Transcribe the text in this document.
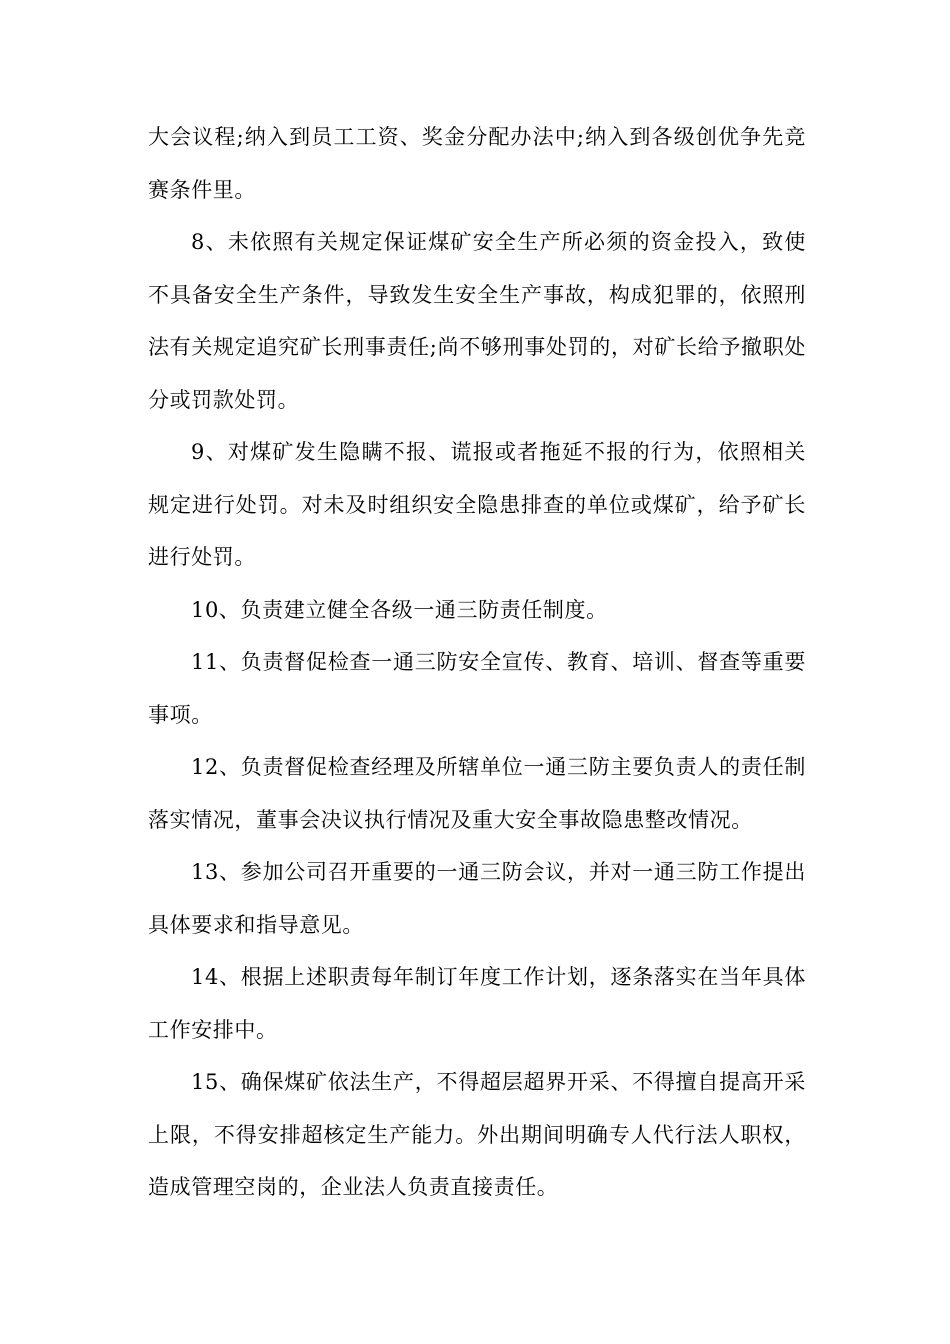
大会议程;纳入到员工工资、奖金分配办法中;纳入到各级创优争先竞赛条件里。

8、未依照有关规定保证煤矿安全生产所必须的资金投入，致使不具备安全生产条件，导致发生安全生产事故，构成犯罪的，依照刑法有关规定追究矿长刑事责任;尚不够刑事处罚的，对矿长给予撤职处分或罚款处罚。

9、对煤矿发生隐瞒不报、谎报或者拖延不报的行为，依照相关规定进行处罚。对未及时组织安全隐患排查的单位或煤矿，给予矿长进行处罚。

10、负责建立健全各级一通三防责任制度。

11、负责督促检查一通三防安全宣传、教育、培训、督查等重要事项。

12、负责督促检查经理及所辖单位一通三防主要负责人的责任制落实情况，董事会决议执行情况及重大安全事故隐患整改情况。

13、参加公司召开重要的一通三防会议，并对一通三防工作提出具体要求和指导意见。

14、根据上述职责每年制订年度工作计划，逐条落实在当年具体工作安排中。

15、确保煤矿依法生产，不得超层超界开采、不得擅自提高开采上限，不得安排超核定生产能力。外出期间明确专人代行法人职权，造成管理空岗的，企业法人负责直接责任。
